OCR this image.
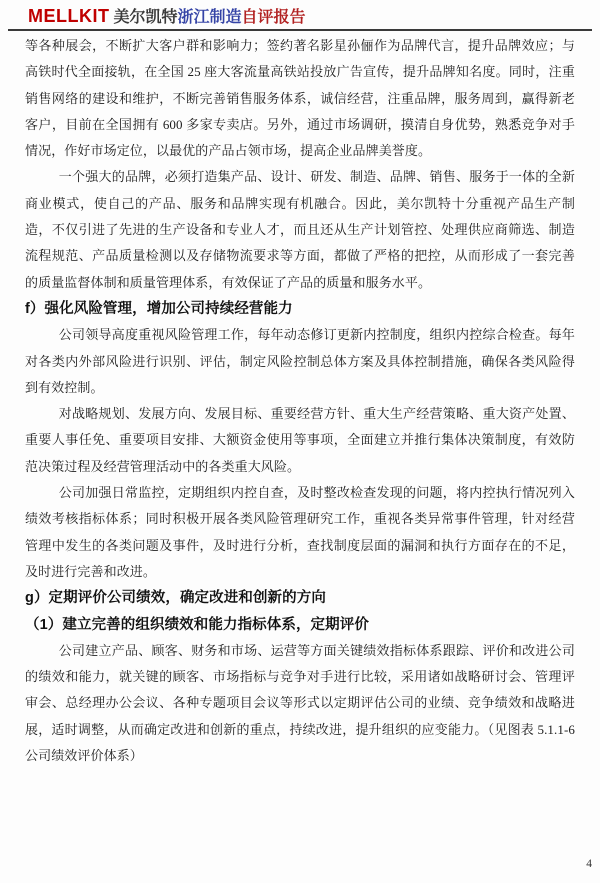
MELLKIT 美尔凯特浙江制造自评报告

等各种展会，不断扩大客户群和影响力；签约著名影星孙俪作为品牌代言，提升品牌效应；与高铁时代全面接轨，在全国 25 座大客流量高铁站投放广告宣传，提升品牌知名度。同时，注重销售网络的建设和维护，不断完善销售服务体系，诚信经营，注重品牌，服务周到，赢得新老客户，目前在全国拥有 600 多家专卖店。另外，通过市场调研，摸清自身优势，熟悉竞争对手情况，作好市场定位，以最优的产品占领市场，提高企业品牌美誉度。

一个强大的品牌，必须打造集产品、设计、研发、制造、品牌、销售、服务于一体的全新商业模式，使自己的产品、服务和品牌实现有机融合。因此，美尔凯特十分重视产品生产制造，不仅引进了先进的生产设备和专业人才，而且还从生产计划管控、处理供应商筛选、制造流程规范、产品质量检测以及存储物流要求等方面，都做了严格的把控，从而形成了一套完善的质量监督体制和质量管理体系，有效保证了产品的质量和服务水平。

f）强化风险管理，增加公司持续经营能力

公司领导高度重视风险管理工作，每年动态修订更新内控制度，组织内控综合检查。每年对各类内外部风险进行识别、评估，制定风险控制总体方案及具体控制措施，确保各类风险得到有效控制。

对战略规划、发展方向、发展目标、重要经营方针、重大生产经营策略、重大资产处置、重要人事任免、重要项目安排、大额资金使用等事项，全面建立并推行集体决策制度，有效防范决策过程及经营管理活动中的各类重大风险。

公司加强日常监控，定期组织内控自查，及时整改检查发现的问题，将内控执行情况列入绩效考核指标体系；同时积极开展各类风险管理研究工作，重视各类异常事件管理，针对经营管理中发生的各类问题及事件，及时进行分析，查找制度层面的漏洞和执行方面存在的不足，及时进行完善和改进。

g）定期评价公司绩效，确定改进和创新的方向

（1）建立完善的组织绩效和能力指标体系，定期评价

公司建立产品、顾客、财务和市场、运营等方面关键绩效指标体系跟踪、评价和改进公司的绩效和能力，就关键的顾客、市场指标与竞争对手进行比较，采用诸如战略研讨会、管理评审会、总经理办公会议、各种专题项目会议等形式以定期评估公司的业绩、竞争绩效和战略进展，适时调整，从而确定改进和创新的重点，持续改进，提升组织的应变能力。（见图表 5.1.1-6 公司绩效评价体系）

4
